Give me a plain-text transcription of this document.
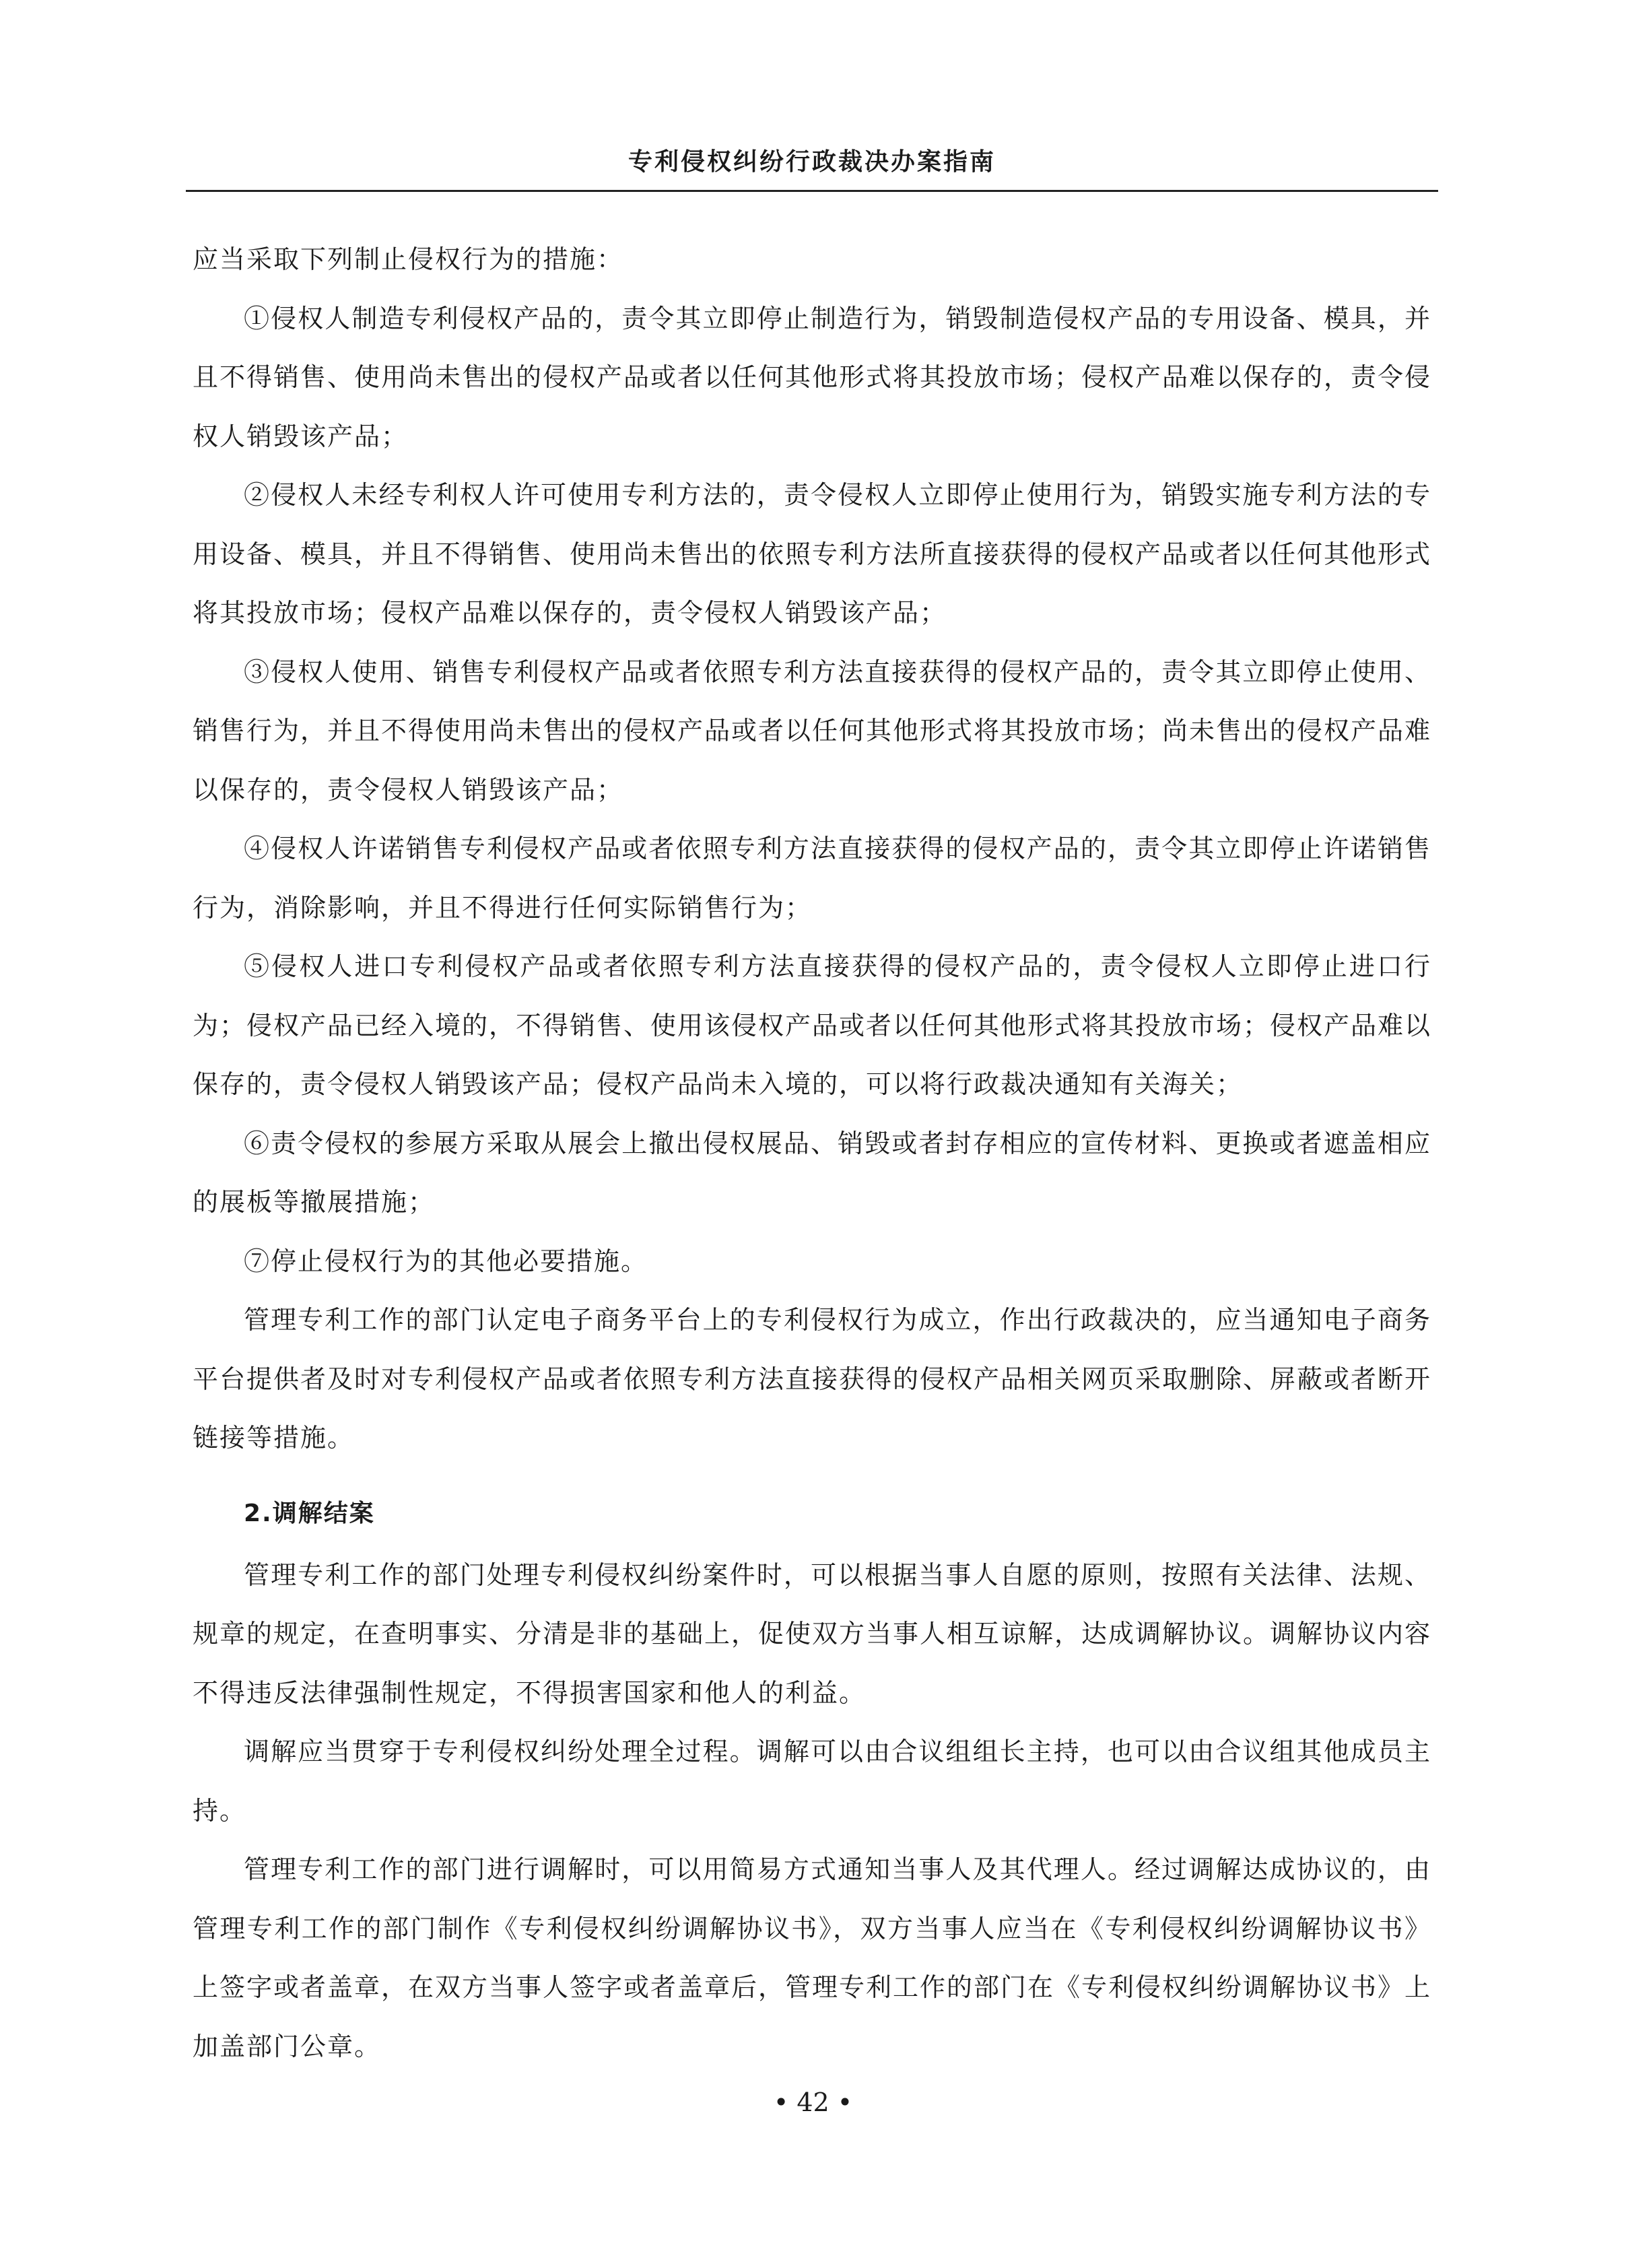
专利侵权纠纷行政裁决办案指南

应当采取下列制止侵权行为的措施：

①侵权人制造专利侵权产品的，责令其立即停止制造行为，销毁制造侵权产品的专用设备、模具，并且不得销售、使用尚未售出的侵权产品或者以任何其他形式将其投放市场；侵权产品难以保存的，责令侵权人销毁该产品；

②侵权人未经专利权人许可使用专利方法的，责令侵权人立即停止使用行为，销毁实施专利方法的专用设备、模具，并且不得销售、使用尚未售出的依照专利方法所直接获得的侵权产品或者以任何其他形式将其投放市场；侵权产品难以保存的，责令侵权人销毁该产品；

③侵权人使用、销售专利侵权产品或者依照专利方法直接获得的侵权产品的，责令其立即停止使用、销售行为，并且不得使用尚未售出的侵权产品或者以任何其他形式将其投放市场；尚未售出的侵权产品难以保存的，责令侵权人销毁该产品；

④侵权人许诺销售专利侵权产品或者依照专利方法直接获得的侵权产品的，责令其立即停止许诺销售行为，消除影响，并且不得进行任何实际销售行为；

⑤侵权人进口专利侵权产品或者依照专利方法直接获得的侵权产品的，责令侵权人立即停止进口行为；侵权产品已经入境的，不得销售、使用该侵权产品或者以任何其他形式将其投放市场；侵权产品难以保存的，责令侵权人销毁该产品；侵权产品尚未入境的，可以将行政裁决通知有关海关；

⑥责令侵权的参展方采取从展会上撤出侵权展品、销毁或者封存相应的宣传材料、更换或者遮盖相应的展板等撤展措施；

⑦停止侵权行为的其他必要措施。

管理专利工作的部门认定电子商务平台上的专利侵权行为成立，作出行政裁决的，应当通知电子商务平台提供者及时对专利侵权产品或者依照专利方法直接获得的侵权产品相关网页采取删除、屏蔽或者断开链接等措施。

2.调解结案

管理专利工作的部门处理专利侵权纠纷案件时，可以根据当事人自愿的原则，按照有关法律、法规、规章的规定，在查明事实、分清是非的基础上，促使双方当事人相互谅解，达成调解协议。调解协议内容不得违反法律强制性规定，不得损害国家和他人的利益。

调解应当贯穿于专利侵权纠纷处理全过程。调解可以由合议组组长主持，也可以由合议组其他成员主持。

管理专利工作的部门进行调解时，可以用简易方式通知当事人及其代理人。经过调解达成协议的，由管理专利工作的部门制作《专利侵权纠纷调解协议书》，双方当事人应当在《专利侵权纠纷调解协议书》上签字或者盖章，在双方当事人签字或者盖章后，管理专利工作的部门在《专利侵权纠纷调解协议书》上加盖部门公章。

• 42 •
